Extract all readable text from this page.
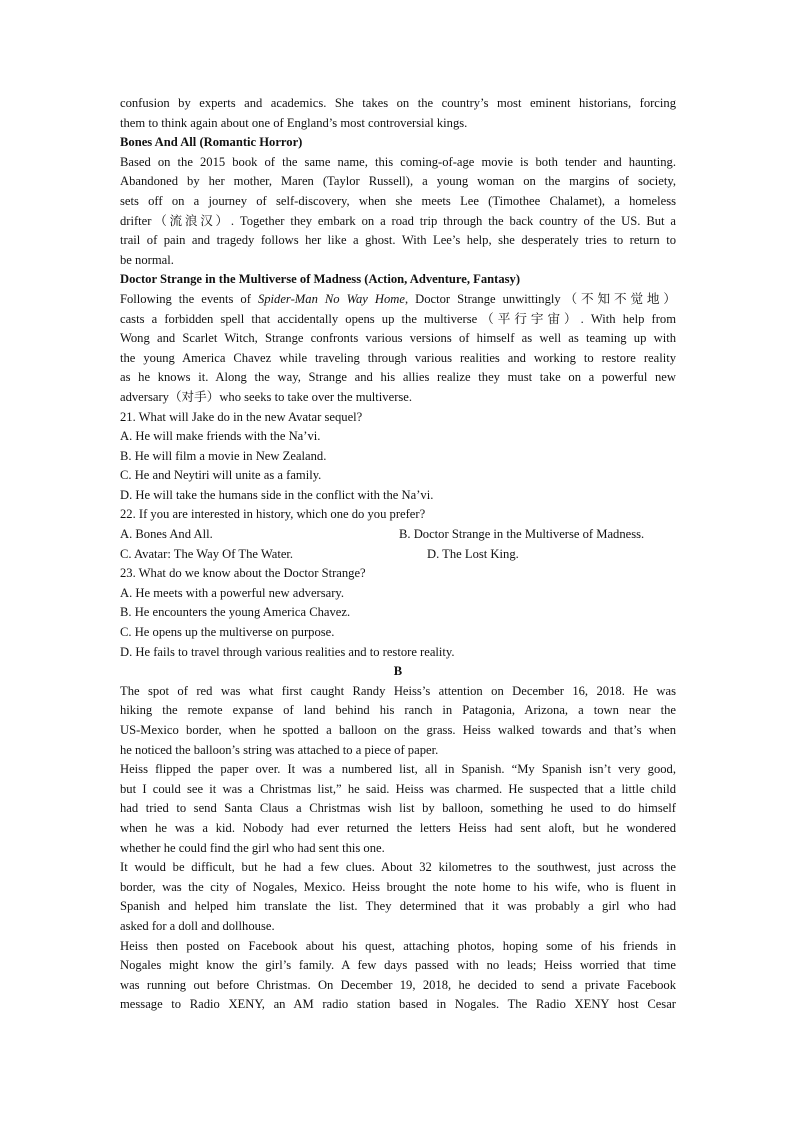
confusion by experts and academics. She takes on the country’s most eminent historians, forcing
them to think again about one of England’s most controversial kings.
Bones And All (Romantic Horror)
Based on the 2015 book of the same name, this coming-of-age movie is both tender and haunting.
Abandoned by her mother, Maren (Taylor Russell), a young woman on the margins of society,
sets off on a journey of self-discovery, when she meets Lee (Timothee Chalamet), a homeless
drifter（流浪汉）. Together they embark on a road trip through the back country of the US. But a
trail of pain and tragedy follows her like a ghost. With Lee’s help, she desperately tries to return to
be normal.
Doctor Strange in the Multiverse of Madness (Action, Adventure, Fantasy)
Following the events of Spider-Man No Way Home, Doctor Strange unwittingly（不知不觉地）
casts a forbidden spell that accidentally opens up the multiverse（平行宇宙）. With help from
Wong and Scarlet Witch, Strange confronts various versions of himself as well as teaming up with
the young America Chavez while traveling through various realities and working to restore reality
as he knows it. Along the way, Strange and his allies realize they must take on a powerful new
adversary（对手）who seeks to take over the multiverse.
21. What will Jake do in the new Avatar sequel?
A. He will make friends with the Na’vi.
B. He will film a movie in New Zealand.
C. He and Neytiri will unite as a family.
D. He will take the humans side in the conflict with the Na’vi.
22. If you are interested in history, which one do you prefer?
A. Bones And All.	B. Doctor Strange in the Multiverse of Madness.
C. Avatar: The Way Of The Water.	D. The Lost King.
23. What do we know about the Doctor Strange?
A. He meets with a powerful new adversary.
B. He encounters the young America Chavez.
C. He opens up the multiverse on purpose.
D. He fails to travel through various realities and to restore reality.
B
The spot of red was what first caught Randy Heiss’s attention on December 16, 2018. He was
hiking the remote expanse of land behind his ranch in Patagonia, Arizona, a town near the
US-Mexico border, when he spotted a balloon on the grass. Heiss walked towards and that’s when
he noticed the balloon’s string was attached to a piece of paper.
Heiss flipped the paper over. It was a numbered list, all in Spanish. “My Spanish isn’t very good,
but I could see it was a Christmas list,” he said. Heiss was charmed. He suspected that a little child
had tried to send Santa Claus a Christmas wish list by balloon, something he used to do himself
when he was a kid. Nobody had ever returned the letters Heiss had sent aloft, but he wondered
whether he could find the girl who had sent this one.
It would be difficult, but he had a few clues. About 32 kilometres to the southwest, just across the
border, was the city of Nogales, Mexico. Heiss brought the note home to his wife, who is fluent in
Spanish and helped him translate the list. They determined that it was probably a girl who had
asked for a doll and dollhouse.
Heiss then posted on Facebook about his quest, attaching photos, hoping some of his friends in
Nogales might know the girl’s family. A few days passed with no leads; Heiss worried that time
was running out before Christmas. On December 19, 2018, he decided to send a private Facebook
message to Radio XENY, an AM radio station based in Nogales. The Radio XENY host Cesar
